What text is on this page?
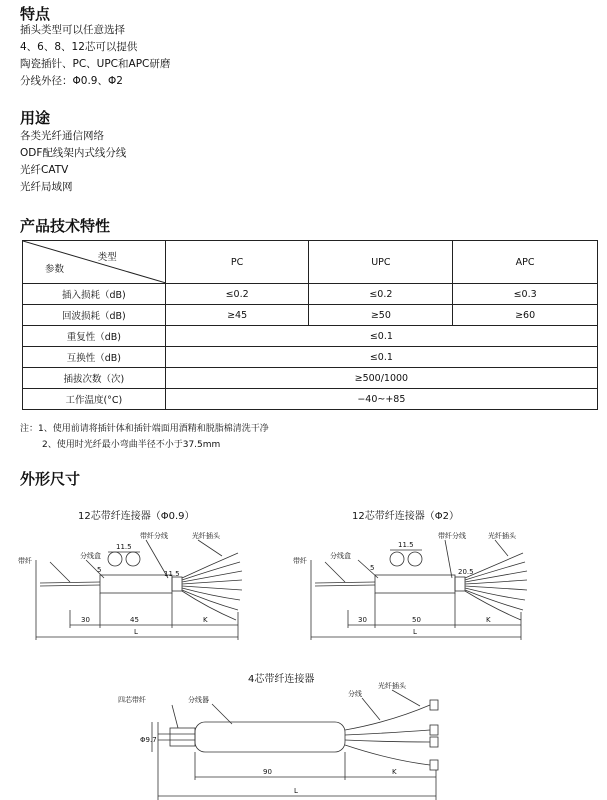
特点
插头类型可以任意选择
4、6、8、12芯可以提供
陶瓷插针、PC、UPC和APC研磨
分线外径：Φ0.9、Φ2
用途
各类光纤通信网络
ODF配线架内式线分线
光纤CATV
光纤局域网
产品技术特性
类型
参数	PC	UPC	APC
插入损耗（dB)	≤0.2	≤0.2	≤0.3
回波损耗（dB)	≥45	≥50	≥60
重复性（dB)	≤0.1		
互换性（dB)	≤0.1		
插拔次数（次)	≥500/1000		
工作温度(°C)	−40~+85		
注：1、使用前请将插针体和插针端面用酒精和脱脂棉清洗干净
2、使用时光纤最小弯曲半径不小于37.5mm
外形尺寸
12芯带纤连接器（Φ0.9）	12芯带纤连接器（Φ2）
4芯带纤连接器
带纤
分线盒
带纤分线	光纤插头
11.5
5	11.5
30	45	K
L
带纤
分线盒
带纤分线	光纤插头
11.5
5	20.5
30	50	K
L
四芯带纤	分线器
分线
光纤插头
Φ9.7
90	K
L
